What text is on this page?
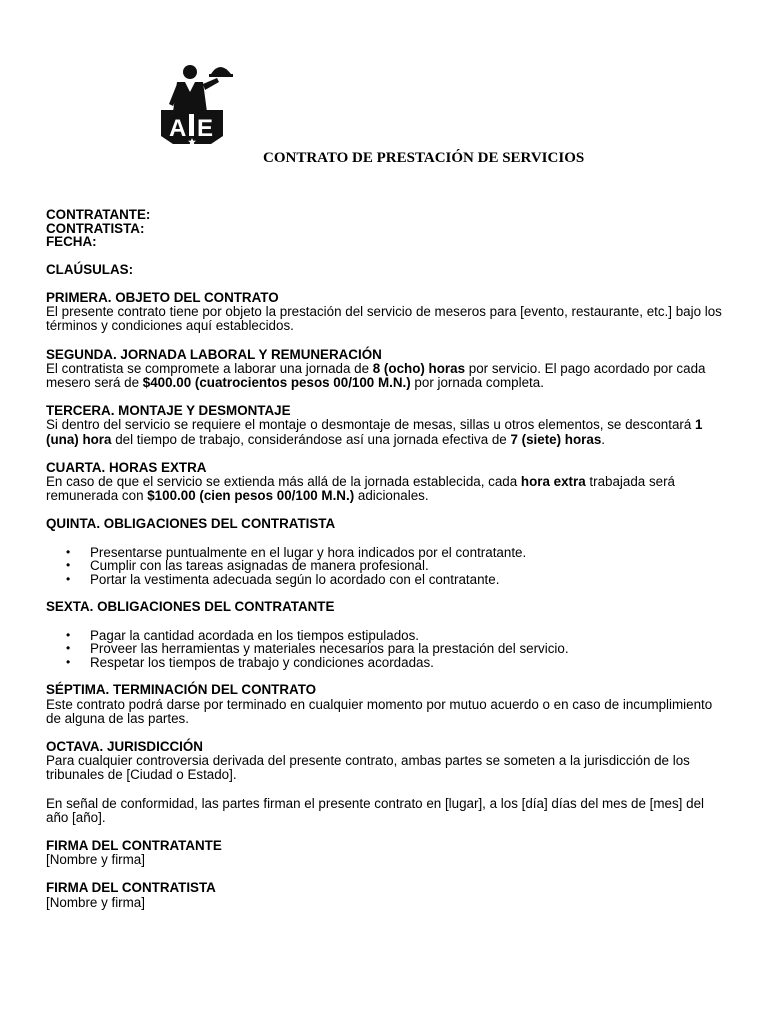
A E
CONTRATO DE PRESTACIÓN DE SERVICIOS
CONTRATANTE:
CONTRATISTA:
FECHA:

CLAÚSULAS:

PRIMERA. OBJETO DEL CONTRATO

El presente contrato tiene por objeto la prestación del servicio de meseros para [evento, restaurante, etc.] bajo los términos y condiciones aquí establecidos.

SEGUNDA. JORNADA LABORAL Y REMUNERACIÓN

El contratista se compromete a laborar una jornada de 8 (ocho) horas por servicio. El pago acordado por cada mesero será de $400.00 (cuatrocientos pesos 00/100 M.N.) por jornada completa.

TERCERA. MONTAJE Y DESMONTAJE

Si dentro del servicio se requiere el montaje o desmontaje de mesas, sillas u otros elementos, se descontará 1 (una) hora del tiempo de trabajo, considerándose así una jornada efectiva de 7 (siete) horas.

CUARTA. HORAS EXTRA

En caso de que el servicio se extienda más allá de la jornada establecida, cada hora extra trabajada será remunerada con $100.00 (cien pesos 00/100 M.N.) adicionales.

QUINTA. OBLIGACIONES DEL CONTRATISTA

• Presentarse puntualmente en el lugar y hora indicados por el contratante.
• Cumplir con las tareas asignadas de manera profesional.
• Portar la vestimenta adecuada según lo acordado con el contratante.

SEXTA. OBLIGACIONES DEL CONTRATANTE

• Pagar la cantidad acordada en los tiempos estipulados.
• Proveer las herramientas y materiales necesarios para la prestación del servicio.
• Respetar los tiempos de trabajo y condiciones acordadas.

SÉPTIMA. TERMINACIÓN DEL CONTRATO

Este contrato podrá darse por terminado en cualquier momento por mutuo acuerdo o en caso de incumplimiento de alguna de las partes.

OCTAVA. JURISDICCIÓN

Para cualquier controversia derivada del presente contrato, ambas partes se someten a la jurisdicción de los tribunales de [Ciudad o Estado].

En señal de conformidad, las partes firman el presente contrato en [lugar], a los [día] días del mes de [mes] del año [año].

FIRMA DEL CONTRATANTE

[Nombre y firma]

FIRMA DEL CONTRATISTA

[Nombre y firma]
